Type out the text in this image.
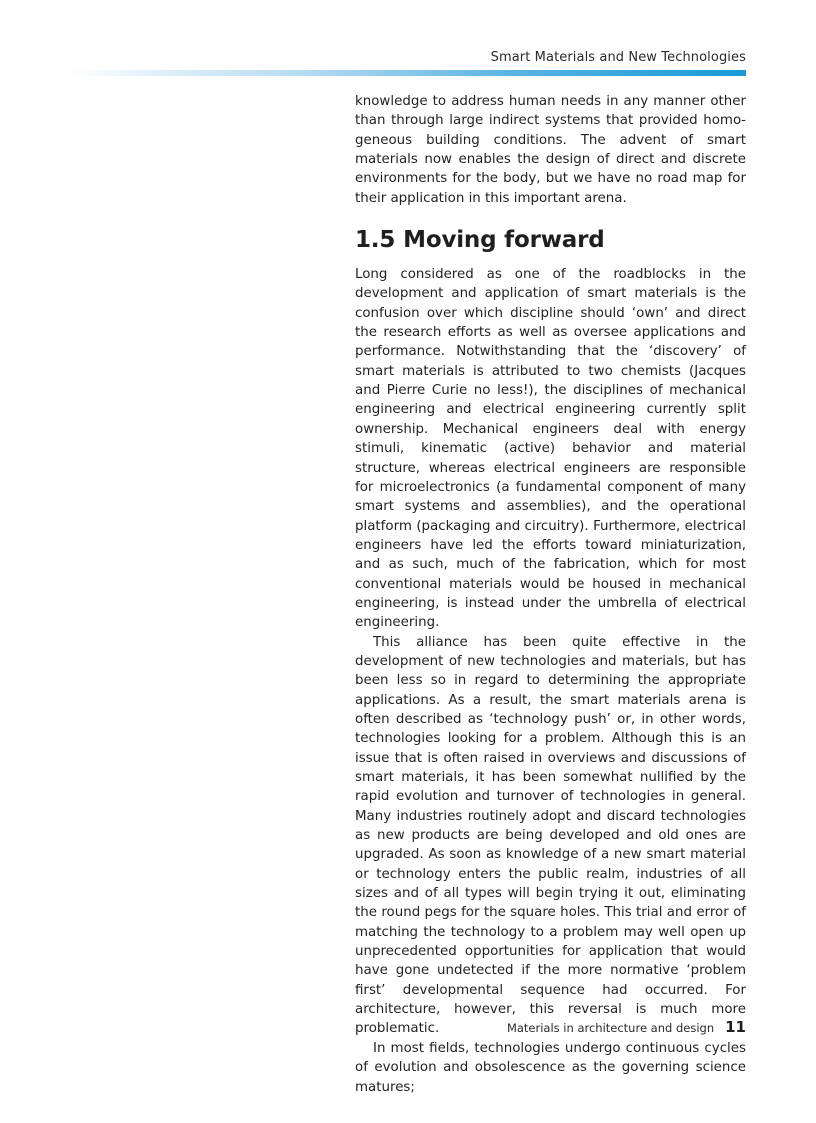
Smart Materials and New Technologies

knowledge to address human needs in any manner other than through large indirect systems that provided homogeneous building conditions. The advent of smart materials now enables the design of direct and discrete environments for the body, but we have no road map for their application in this important arena.

1.5 Moving forward

Long considered as one of the roadblocks in the development and application of smart materials is the confusion over which discipline should ‘own’ and direct the research efforts as well as oversee applications and performance. Notwithstanding that the ‘discovery’ of smart materials is attributed to two chemists (Jacques and Pierre Curie no less!), the disciplines of mechanical engineering and electrical engineering currently split ownership. Mechanical engineers deal with energy stimuli, kinematic (active) behavior and material structure, whereas electrical engineers are responsible for microelectronics (a fundamental component of many smart systems and assemblies), and the operational platform (packaging and circuitry). Furthermore, electrical engineers have led the efforts toward miniaturization, and as such, much of the fabrication, which for most conventional materials would be housed in mechanical engineering, is instead under the umbrella of electrical engineering.

This alliance has been quite effective in the development of new technologies and materials, but has been less so in regard to determining the appropriate applications. As a result, the smart materials arena is often described as ‘technology push’ or, in other words, technologies looking for a problem. Although this is an issue that is often raised in overviews and discussions of smart materials, it has been somewhat nullified by the rapid evolution and turnover of technologies in general. Many industries routinely adopt and discard technologies as new products are being developed and old ones are upgraded. As soon as knowledge of a new smart material or technology enters the public realm, industries of all sizes and of all types will begin trying it out, eliminating the round pegs for the square holes. This trial and error of matching the technology to a problem may well open up unprecedented opportunities for application that would have gone undetected if the more normative ‘problem first’ developmental sequence had occurred. For architecture, however, this reversal is much more problematic.

In most fields, technologies undergo continuous cycles of evolution and obsolescence as the governing science matures;

Materials in architecture and design 11
